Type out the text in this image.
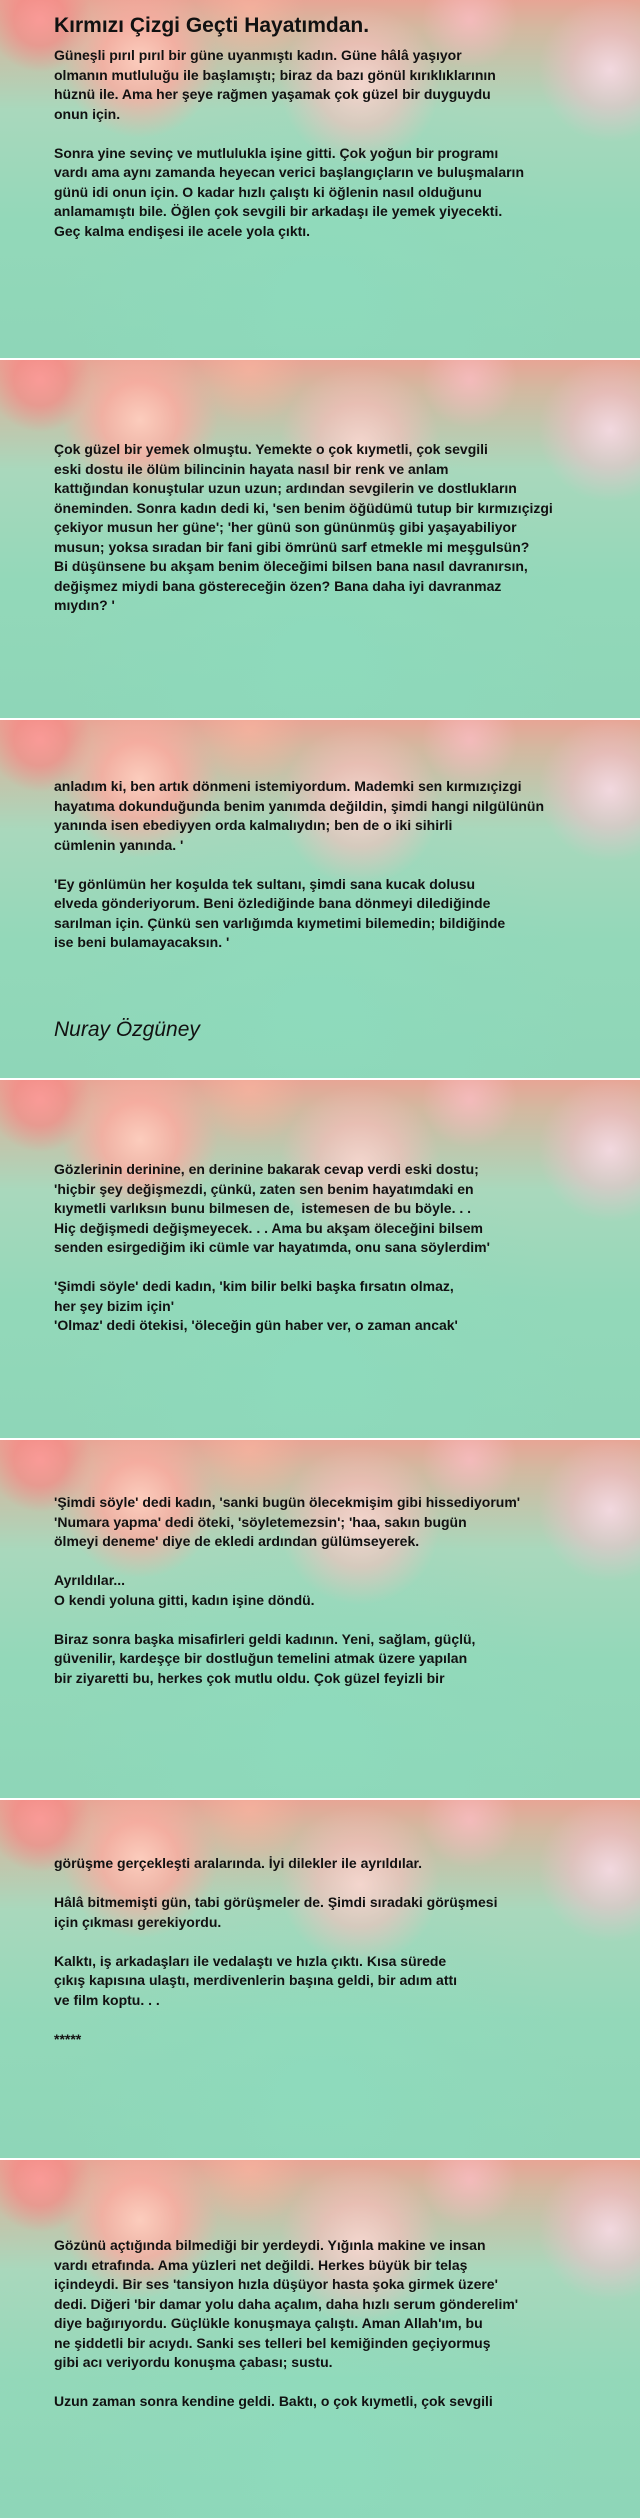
Kırmızı Çizgi Geçti Hayatımdan.

Güneşli pırıl pırıl bir güne uyanmıştı kadın. Güne hâlâ yaşıyor
olmanın mutluluğu ile başlamıştı; biraz da bazı gönül kırıklıklarının
hüznü ile. Ama her şeye rağmen yaşamak çok güzel bir duyguydu
onun için.

Sonra yine sevinç ve mutlulukla işine gitti. Çok yoğun bir programı
vardı ama aynı zamanda heyecan verici başlangıçların ve buluşmaların
günü idi onun için. O kadar hızlı çalıştı ki öğlenin nasıl olduğunu
anlamamıştı bile. Öğlen çok sevgili bir arkadaşı ile yemek yiyecekti.
Geç kalma endişesi ile acele yola çıktı.

Çok güzel bir yemek olmuştu. Yemekte o çok kıymetli, çok sevgili
eski dostu ile ölüm bilincinin hayata nasıl bir renk ve anlam
kattığından konuştular uzun uzun; ardından sevgilerin ve dostlukların
öneminden. Sonra kadın dedi ki, 'sen benim öğüdümü tutup bir kırmızıçizgi
çekiyor musun her güne'; 'her günü son gününmüş gibi yaşayabiliyor
musun; yoksa sıradan bir fani gibi ömrünü sarf etmekle mi meşgulsün?
Bi düşünsene bu akşam benim öleceğimi bilsen bana nasıl davranırsın,
değişmez miydi bana göstereceğin özen? Bana daha iyi davranmaz
mıydın? '

anladım ki, ben artık dönmeni istemiyordum. Mademki sen kırmızıçizgi
hayatıma dokunduğunda benim yanımda değildin, şimdi hangi nilgülünün
yanında isen ebediyyen orda kalmalıydın; ben de o iki sihirli
cümlenin yanında. '

'Ey gönlümün her koşulda tek sultanı, şimdi sana kucak dolusu
elveda gönderiyorum. Beni özlediğinde bana dönmeyi dilediğinde
sarılman için. Çünkü sen varlığımda kıymetimi bilemedin; bildiğinde
ise beni bulamayacaksın. '

Nuray Özgüney

Gözlerinin derinine, en derinine bakarak cevap verdi eski dostu;
'hiçbir şey değişmezdi, çünkü, zaten sen benim hayatımdaki en
kıymetli varlıksın bunu bilmesen de,  istemesen de bu böyle. . .
Hiç değişmedi değişmeyecek. . . Ama bu akşam öleceğini bilsem
senden esirgediğim iki cümle var hayatımda, onu sana söylerdim'

'Şimdi söyle' dedi kadın, 'kim bilir belki başka fırsatın olmaz,
her şey bizim için'
'Olmaz' dedi ötekisi, 'öleceğin gün haber ver, o zaman ancak'

'Şimdi söyle' dedi kadın, 'sanki bugün ölecekmişim gibi hissediyorum'
'Numara yapma' dedi öteki, 'söyletemezsin'; 'haa, sakın bugün
ölmeyi deneme' diye de ekledi ardından gülümseyerek.

Ayrıldılar...
O kendi yoluna gitti, kadın işine döndü.

Biraz sonra başka misafirleri geldi kadının. Yeni, sağlam, güçlü,
güvenilir, kardeşçe bir dostluğun temelini atmak üzere yapılan
bir ziyaretti bu, herkes çok mutlu oldu. Çok güzel feyizli bir

görüşme gerçekleşti aralarında. İyi dilekler ile ayrıldılar.

Hâlâ bitmemişti gün, tabi görüşmeler de. Şimdi sıradaki görüşmesi
için çıkması gerekiyordu.

Kalktı, iş arkadaşları ile vedalaştı ve hızla çıktı. Kısa sürede
çıkış kapısına ulaştı, merdivenlerin başına geldi, bir adım attı
ve film koptu. . .

*****

Gözünü açtığında bilmediği bir yerdeydi. Yığınla makine ve insan
vardı etrafında. Ama yüzleri net değildi. Herkes büyük bir telaş
içindeydi. Bir ses 'tansiyon hızla düşüyor hasta şoka girmek üzere'
dedi. Diğeri 'bir damar yolu daha açalım, daha hızlı serum gönderelim'
diye bağırıyordu. Güçlükle konuşmaya çalıştı. Aman Allah'ım, bu
ne şiddetli bir acıydı. Sanki ses telleri bel kemiğinden geçiyormuş
gibi acı veriyordu konuşma çabası; sustu.

Uzun zaman sonra kendine geldi. Baktı, o çok kıymetli, çok sevgili
